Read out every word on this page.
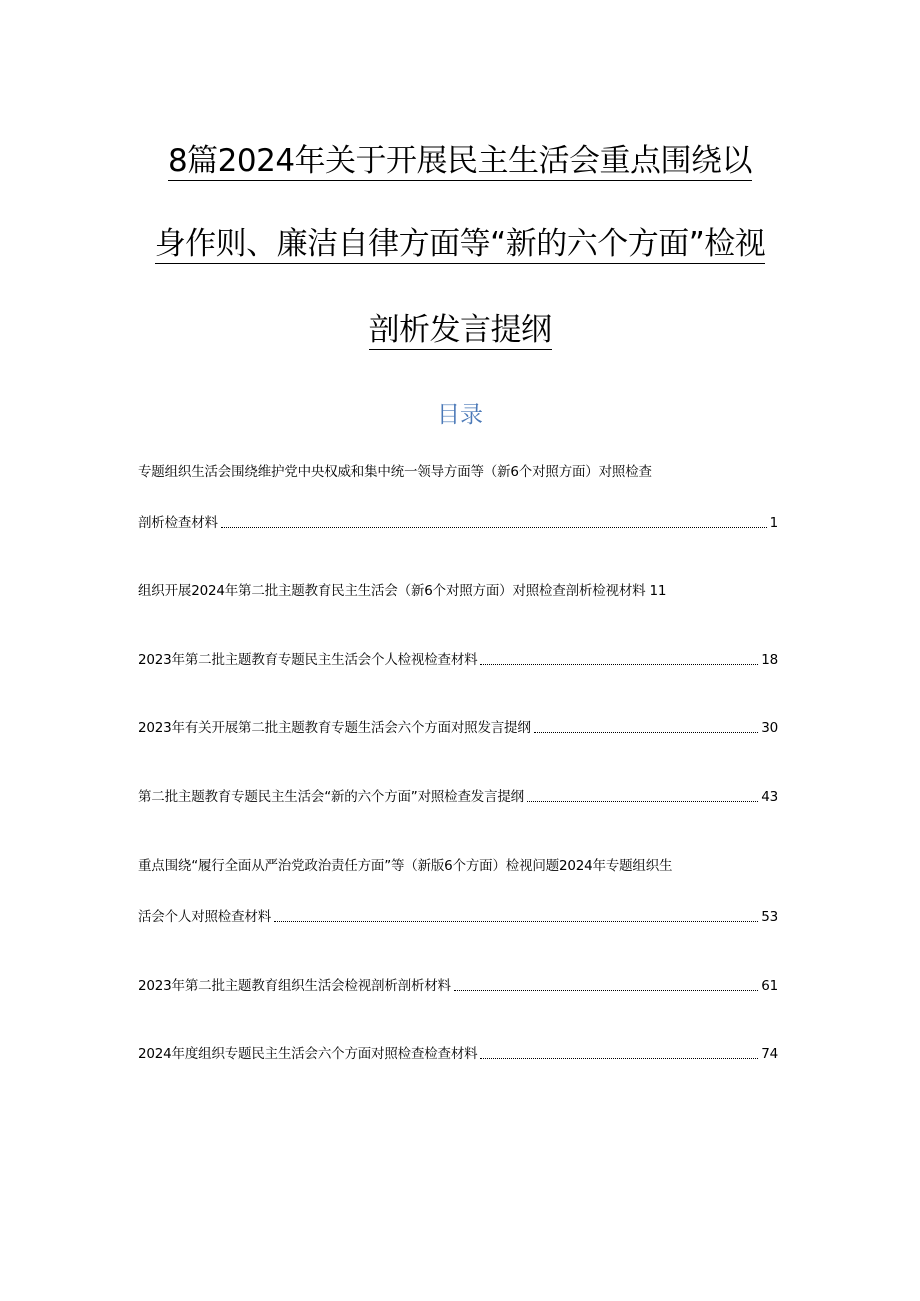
8篇2024年关于开展民主生活会重点围绕以
身作则、廉洁自律方面等“新的六个方面”检视
剖析发言提纲
目录
专题组织生活会围绕维护党中央权威和集中统一领导方面等（新6个对照方面）对照检查
剖析检查材料	1
组织开展2024年第二批主题教育民主生活会（新6个对照方面）对照检查剖析检视材料 11
2023年第二批主题教育专题民主生活会个人检视检查材料	18
2023年有关开展第二批主题教育专题生活会六个方面对照发言提纲	30
第二批主题教育专题民主生活会“新的六个方面”对照检查发言提纲	43
重点围绕“履行全面从严治党政治责任方面”等（新版6个方面）检视问题2024年专题组织生
活会个人对照检查材料	53
2023年第二批主题教育组织生活会检视剖析剖析材料	61
2024年度组织专题民主生活会六个方面对照检查检查材料	74
